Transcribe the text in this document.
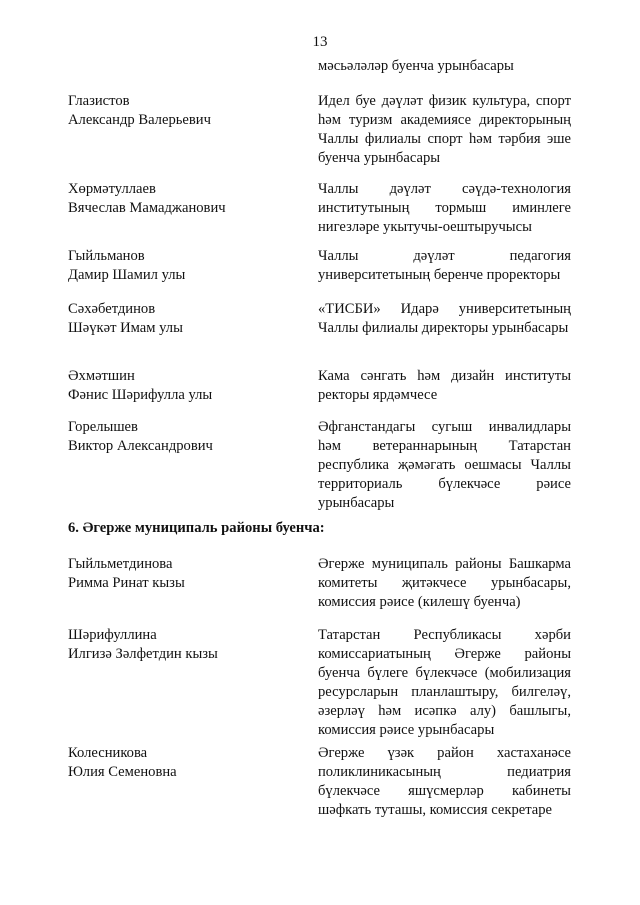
13
мәсьәләләр буенча урынбасары
Глазистов
Александр Валерьевич
Идел буе дәүләт физик культура, спорт һәм туризм академиясе директорының Чаллы филиалы спорт һәм тәрбия эше буенча урынбасары
Хөрмәтуллаев
Вячеслав Мамаджанович
Чаллы дәүләт сәүдә-технология институтының тормыш иминлеге нигезләре укытучы-оештыручысы
Гыйльманов
Дамир Шамил улы
Чаллы дәүләт педагогия университетының беренче проректоры
Сәхәбетдинов
Шәүкәт Имам улы
«ТИСБИ» Идарә университетының Чаллы филиалы директоры урынбасары
Әхмәтшин
Фәнис Шәрифулла улы
Кама сәнгать һәм дизайн институты ректоры ярдәмчесе
Горелышев
Виктор Александрович
Әфганстандагы сугыш инвалидлары һәм ветераннарының Татарстан республика җәмәгать оешмасы Чаллы территориаль бүлекчәсе рәисе урынбасары
6. Әгерже муниципаль районы буенча:
Гыйльметдинова
Римма Ринат кызы
Әгерже муниципаль районы Башкарма комитеты җитәкчесе урынбасары, комиссия рәисе (килешү буенча)
Шәрифуллина
Илгизә Зәлфетдин кызы
Татарстан Республикасы хәрби комиссариатының Әгерже районы буенча бүлеге бүлекчәсе (мобилизация ресурсларын планлаштыру, билгеләү, әзерләү һәм исәпкә алу) башлыгы, комиссия рәисе урынбасары
Колесникова
Юлия Семеновна
Әгерже үзәк район хастаханәсе поликлиникасының педиатрия бүлекчәсе яшүсмерләр кабинеты шәфкать туташы, комиссия секретаре
